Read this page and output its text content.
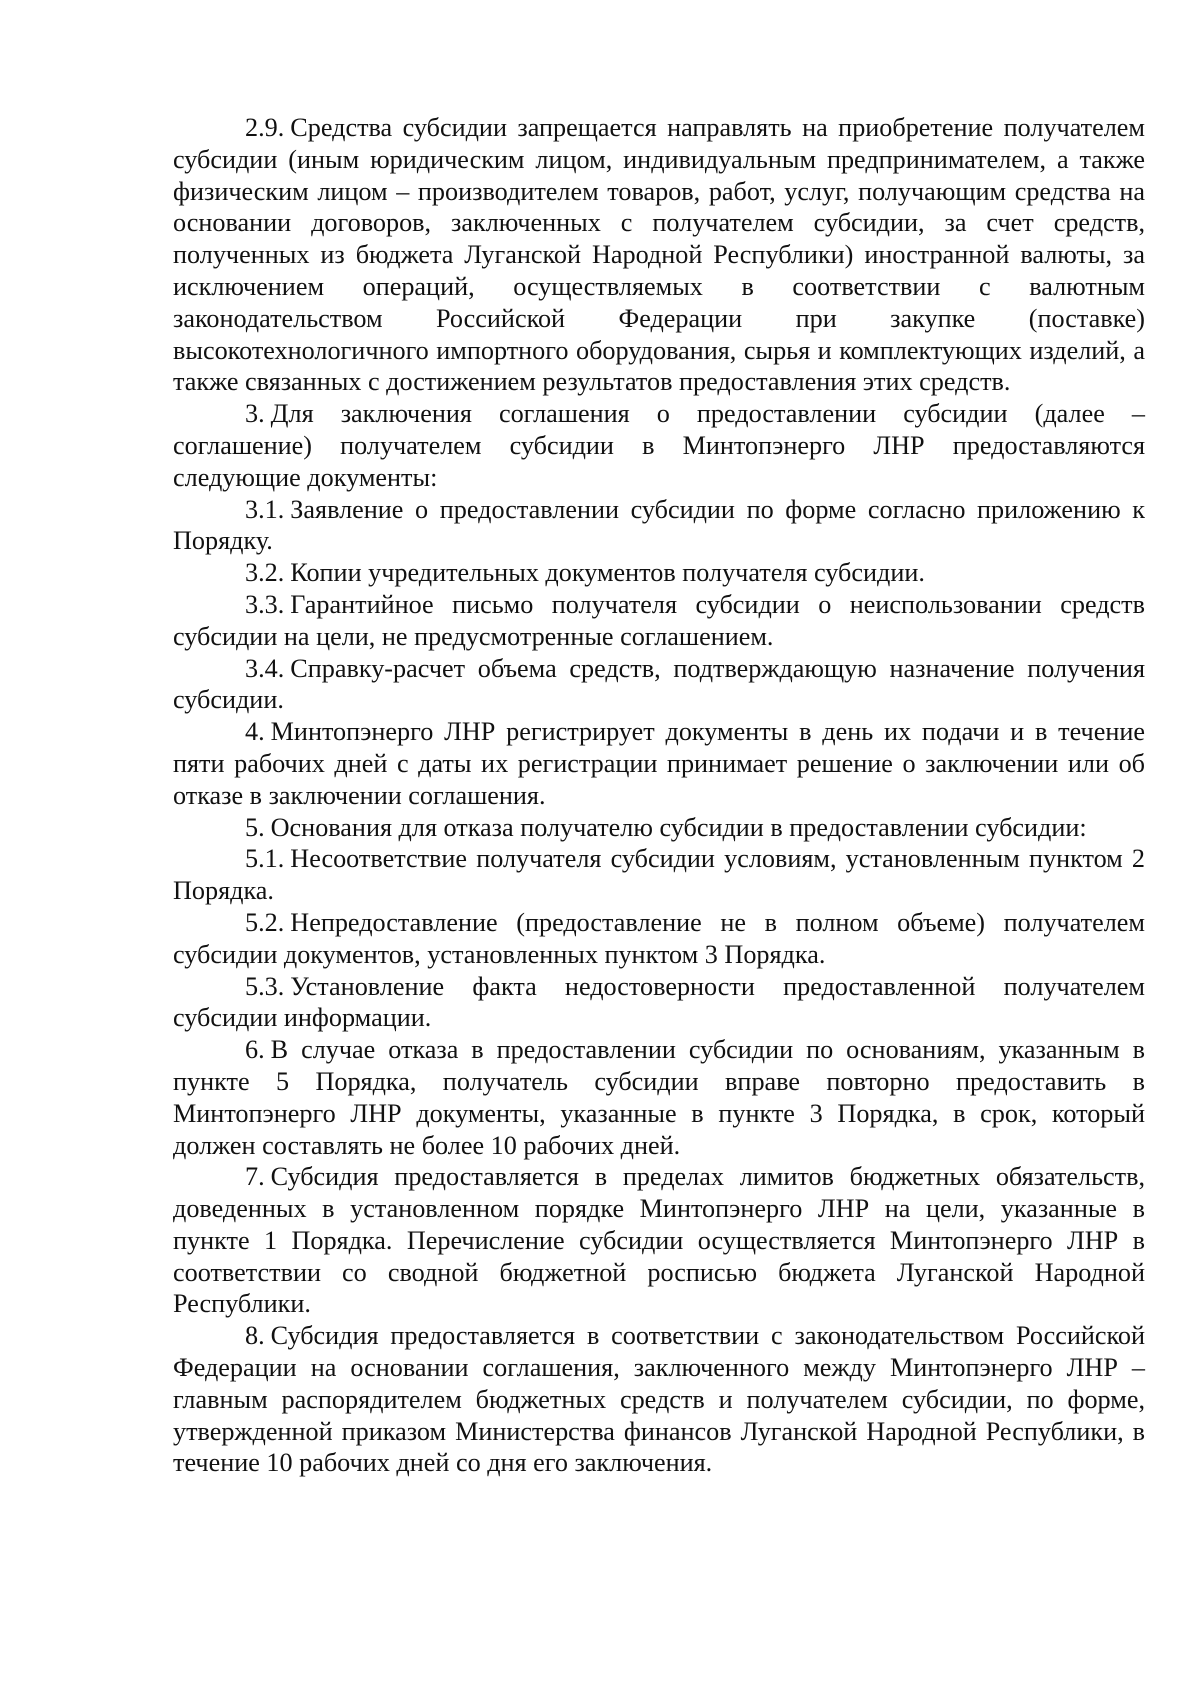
2.9. Средства субсидии запрещается направлять на приобретение получателем субсидии (иным юридическим лицом, индивидуальным предпринимателем, а также физическим лицом – производителем товаров, работ, услуг, получающим средства на основании договоров, заключенных с получателем субсидии, за счет средств, полученных из бюджета Луганской Народной Республики) иностранной валюты, за исключением операций, осуществляемых в соответствии с валютным законодательством Российской Федерации при закупке (поставке) высокотехнологичного импортного оборудования, сырья и комплектующих изделий, а также связанных с достижением результатов предоставления этих средств.

3. Для заключения соглашения о предоставлении субсидии (далее – соглашение) получателем субсидии в Минтопэнерго ЛНР предоставляются следующие документы:

3.1. Заявление о предоставлении субсидии по форме согласно приложению к Порядку.

3.2. Копии учредительных документов получателя субсидии.

3.3. Гарантийное письмо получателя субсидии о неиспользовании средств субсидии на цели, не предусмотренные соглашением.

3.4. Справку-расчет объема средств, подтверждающую назначение получения субсидии.

4. Минтопэнерго ЛНР регистрирует документы в день их подачи и в течение пяти рабочих дней с даты их регистрации принимает решение о заключении или об отказе в заключении соглашения.

5. Основания для отказа получателю субсидии в предоставлении субсидии:

5.1. Несоответствие получателя субсидии условиям, установленным пунктом 2 Порядка.

5.2. Непредоставление (предоставление не в полном объеме) получателем субсидии документов, установленных пунктом 3 Порядка.

5.3. Установление факта недостоверности предоставленной получателем субсидии информации.

6. В случае отказа в предоставлении субсидии по основаниям, указанным в пункте 5 Порядка, получатель субсидии вправе повторно предоставить в Минтопэнерго ЛНР документы, указанные в пункте 3 Порядка, в срок, который должен составлять не более 10 рабочих дней.

7. Субсидия предоставляется в пределах лимитов бюджетных обязательств, доведенных в установленном порядке Минтопэнерго ЛНР на цели, указанные в пункте 1 Порядка. Перечисление субсидии осуществляется Минтопэнерго ЛНР в соответствии со сводной бюджетной росписью бюджета Луганской Народной Республики.

8. Субсидия предоставляется в соответствии с законодательством Российской Федерации на основании соглашения, заключенного между Минтопэнерго ЛНР – главным распорядителем бюджетных средств и получателем субсидии, по форме, утвержденной приказом Министерства финансов Луганской Народной Республики, в течение 10 рабочих дней со дня его заключения.
